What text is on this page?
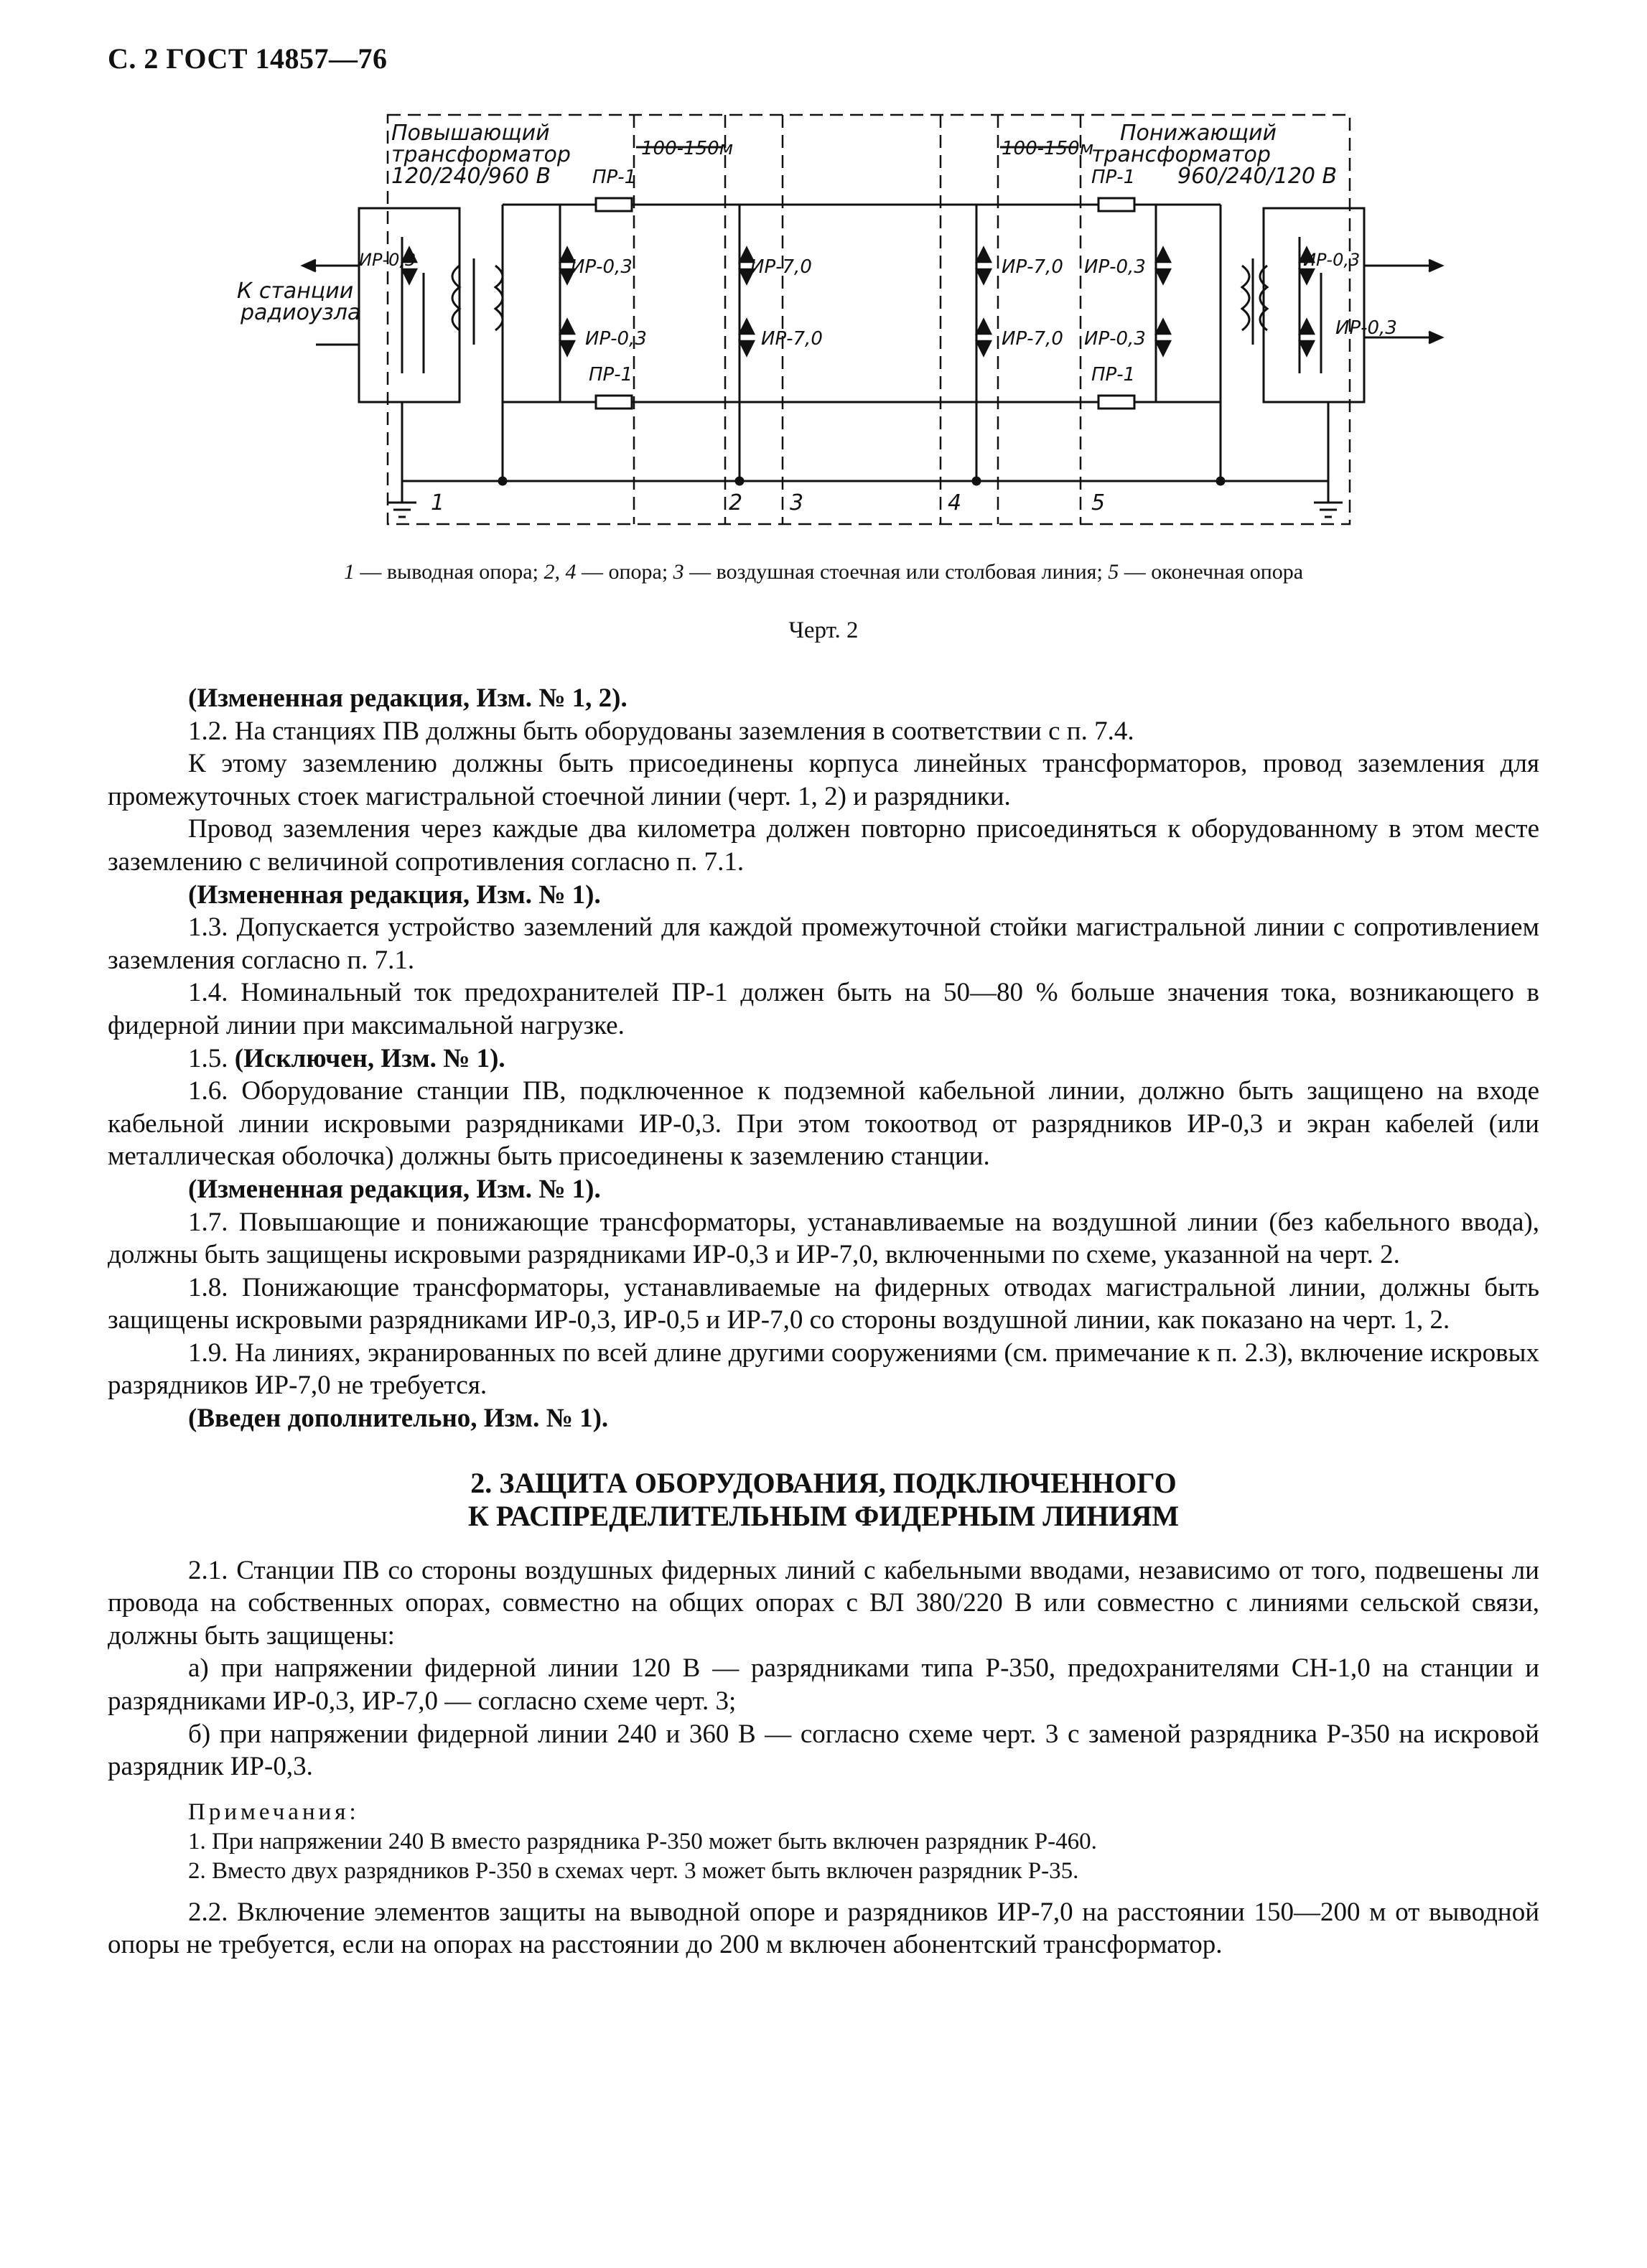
С. 2 ГОСТ 14857—76
Повышающий
трансформатор
120/240/960 В
Понижающий
трансформатор
960/240/120 В
К станции
радиоузла
100-150м	100-150м
ПР-1
ПР-1
ПР-1
ПР-1
ИР-0,3	ИР-0,3
ИР-0,3
ИР-7,0
ИР-7,0
ИР-7,0
ИР-7,0
ИР-0,3
ИР-0,3
ИР-0,3
ИР-0,3
1	2 3	4	5
1 — выводная опора; 2, 4 — опора; 3 — воздушная стоечная или столбовая линия; 5 — оконечная опора
Черт. 2

(Измененная редакция, Изм. № 1, 2).

1.2. На станциях ПВ должны быть оборудованы заземления в соответствии с п. 7.4.

К этому заземлению должны быть присоединены корпуса линейных трансформаторов, провод заземления для промежуточных стоек магистральной стоечной линии (черт. 1, 2) и разрядники.

Провод заземления через каждые два километра должен повторно присоединяться к оборудованному в этом месте заземлению с величиной сопротивления согласно п. 7.1.

(Измененная редакция, Изм. № 1).

1.3. Допускается устройство заземлений для каждой промежуточной стойки магистральной линии с сопротивлением заземления согласно п. 7.1.

1.4. Номинальный ток предохранителей ПР-1 должен быть на 50—80 % больше значения тока, возникающего в фидерной линии при максимальной нагрузке.

1.5. (Исключен, Изм. № 1).

1.6. Оборудование станции ПВ, подключенное к подземной кабельной линии, должно быть защищено на входе кабельной линии искровыми разрядниками ИР-0,3. При этом токоотвод от разрядников ИР-0,3 и экран кабелей (или металлическая оболочка) должны быть присоединены к заземлению станции.

(Измененная редакция, Изм. № 1).

1.7. Повышающие и понижающие трансформаторы, устанавливаемые на воздушной линии (без кабельного ввода), должны быть защищены искровыми разрядниками ИР-0,3 и ИР-7,0, включенными по схеме, указанной на черт. 2.

1.8. Понижающие трансформаторы, устанавливаемые на фидерных отводах магистральной линии, должны быть защищены искровыми разрядниками ИР-0,3, ИР-0,5 и ИР-7,0 со стороны воздушной линии, как показано на черт. 1, 2.

1.9. На линиях, экранированных по всей длине другими сооружениями (см. примечание к п. 2.3), включение искровых разрядников ИР-7,0 не требуется.

(Введен дополнительно, Изм. № 1).

2. ЗАЩИТА ОБОРУДОВАНИЯ, ПОДКЛЮЧЕННОГО
К РАСПРЕДЕЛИТЕЛЬНЫМ ФИДЕРНЫМ ЛИНИЯМ

2.1. Станции ПВ со стороны воздушных фидерных линий с кабельными вводами, независимо от того, подвешены ли провода на собственных опорах, совместно на общих опорах с ВЛ 380/220 В или совместно с линиями сельской связи, должны быть защищены:

а) при напряжении фидерной линии 120 В — разрядниками типа Р-350, предохранителями СН-1,0 на станции и разрядниками ИР-0,3, ИР-7,0 — согласно схеме черт. 3;

б) при напряжении фидерной линии 240 и 360 В — согласно схеме черт. 3 с заменой разрядника Р-350 на искровой разрядник ИР-0,3.

Примечания:
1. При напряжении 240 В вместо разрядника Р-350 может быть включен разрядник Р-460.
2. Вместо двух разрядников Р-350 в схемах черт. 3 может быть включен разрядник Р-35.

2.2. Включение элементов защиты на выводной опоре и разрядников ИР-7,0 на расстоянии 150—200 м от выводной опоры не требуется, если на опорах на расстоянии до 200 м включен абонентский трансформатор.
